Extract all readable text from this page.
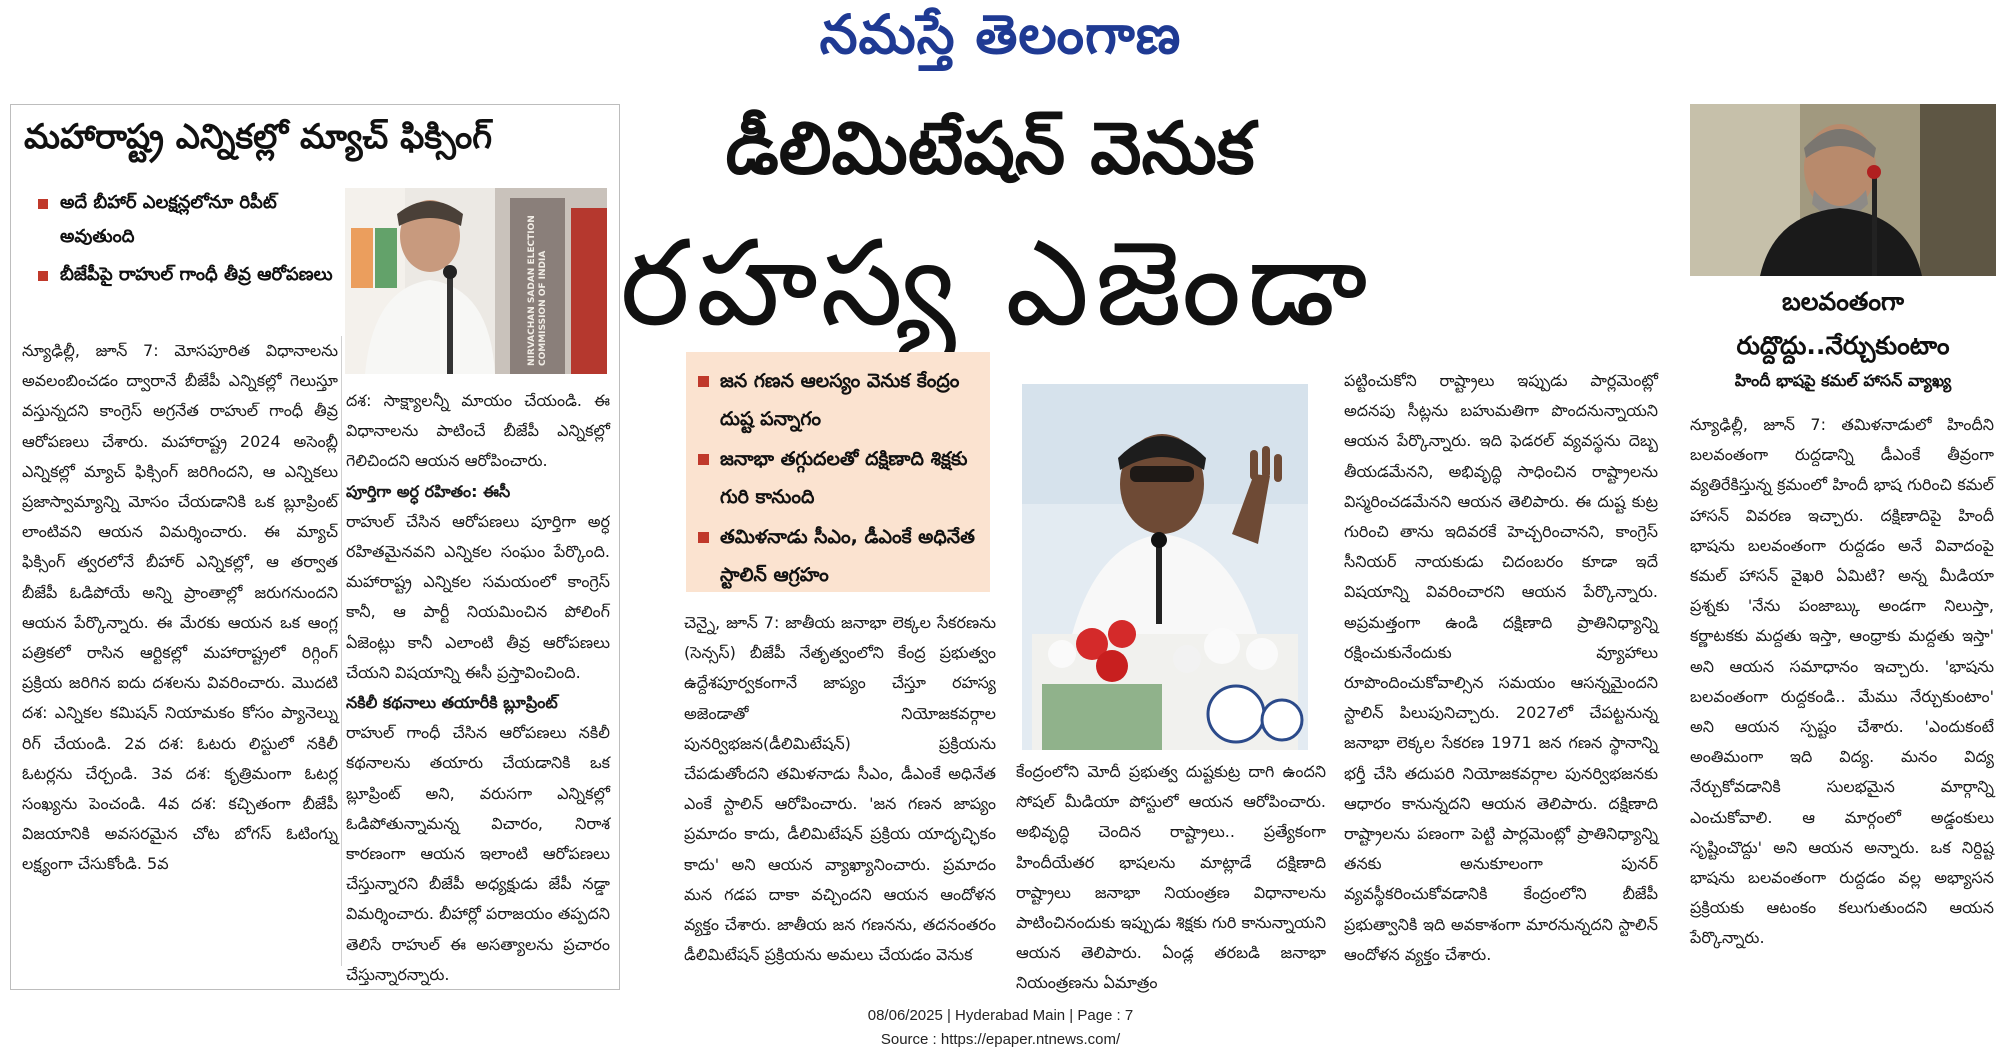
నమస్తే తెలంగాణ
మహారాష్ట్ర ఎన్నికల్లో మ్యాచ్ ఫిక్సింగ్
అదే బీహార్ ఎలక్షన్లలోనూ రిపీట్ అవుతుంది
బీజేపీపై రాహుల్ గాంధీ తీవ్ర ఆరోపణలు	NIRVACHAN SADAN ELECTION COMMISSION OF INDIA

న్యూఢిల్లీ, జూన్ 7: మోసపూరిత విధానాలను అవలంబించడం ద్వారానే బీజేపీ ఎన్నికల్లో గెలుస్తూ వస్తున్నదని కాంగ్రెస్ అగ్రనేత రాహుల్ గాంధీ తీవ్ర ఆరోపణలు చేశారు. మహారాష్ట్ర 2024 అసెంబ్లీ ఎన్నికల్లో మ్యాచ్ ఫిక్సింగ్ జరిగిందని, ఆ ఎన్నికలు ప్రజాస్వామ్యాన్ని మోసం చేయడానికి ఒక బ్లూప్రింట్ లాంటివని ఆయన విమర్శించారు. ఈ మ్యాచ్ ఫిక్సింగ్ త్వరలోనే బీహార్ ఎన్నికల్లో, ఆ తర్వాత బీజేపీ ఓడిపోయే అన్ని ప్రాంతాల్లో జరుగనుందని ఆయన పేర్కొన్నారు. ఈ మేరకు ఆయన ఒక ఆంగ్ల పత్రికలో రాసిన ఆర్టికల్లో మహారాష్ట్రలో రిగ్గింగ్ ప్రక్రియ జరిగిన ఐదు దశలను వివరించారు. మొదటి దశ: ఎన్నికల కమిషన్ నియామకం కోసం ప్యానెల్ను రిగ్ చేయండి. 2వ దశ: ఓటరు లిస్టులో నకిలీ ఓటర్లను చేర్చండి. 3వ దశ: కృత్రిమంగా ఓటర్ల సంఖ్యను పెంచండి. 4వ దశ: కచ్చితంగా బీజేపీ విజయానికి అవసరమైన చోట బోగస్ ఓటింగ్ను లక్ష్యంగా చేసుకోండి. 5వ

దశ: సాక్ష్యాలన్నీ మాయం చేయండి. ఈ విధానాలను పాటించే బీజేపీ ఎన్నికల్లో గెలిచిందని ఆయన ఆరోపించారు.

పూర్తిగా అర్ధ రహితం: ఈసీ

రాహుల్ చేసిన ఆరోపణలు పూర్తిగా అర్ధ రహితమైనవని ఎన్నికల సంఘం పేర్కొంది. మహారాష్ట్ర ఎన్నికల సమయంలో కాంగ్రెస్ కానీ, ఆ పార్టీ నియమించిన పోలింగ్ ఏజెంట్లు కానీ ఎలాంటి తీవ్ర ఆరోపణలు చేయని విషయాన్ని ఈసీ ప్రస్తావించింది.

నకిలీ కథనాలు తయారీకి బ్లూప్రింట్

రాహుల్ గాంధీ చేసిన ఆరోపణలు నకిలీ కథనాలను తయారు చేయడానికి ఒక బ్లూప్రింట్ అని, వరుసగా ఎన్నికల్లో ఓడిపోతున్నామన్న విచారం, నిరాశ కారణంగా ఆయన ఇలాంటి ఆరోపణలు చేస్తున్నారని బీజేపీ అధ్యక్షుడు జేపీ నడ్డా విమర్శించారు. బీహార్లో పరాజయం తప్పదని తెలిసే రాహుల్ ఈ అసత్యాలను ప్రచారం చేస్తున్నారన్నారు.

డీలిమిటేషన్ వెనుక
రహస్య ఎజెండా
జన గణన ఆలస్యం వెనుక కేంద్రం దుష్ట పన్నాగం
జనాభా తగ్గుదలతో దక్షిణాది శిక్షకు గురి కానుంది
తమిళనాడు సీఎం, డీఎంకే అధినేత స్టాలిన్ ఆగ్రహం

చెన్నై, జూన్ 7: జాతీయ జనాభా లెక్కల సేకరణను (సెన్సస్) బీజేపీ నేతృత్వంలోని కేంద్ర ప్రభుత్వం ఉద్దేశపూర్వకంగానే జాప్యం చేస్తూ రహస్య అజెండాతో నియోజకవర్గాల పునర్విభజన(డీలిమిటేషన్) ప్రక్రియను చేపడుతోందని తమిళనాడు సీఎం, డీఎంకే అధినేత ఎంకే స్టాలిన్ ఆరోపించారు. 'జన గణన జాప్యం ప్రమాదం కాదు, డీలిమిటేషన్ ప్రక్రియ యాదృచ్ఛికం కాదు' అని ఆయన వ్యాఖ్యానించారు. ప్రమాదం మన గడప దాకా వచ్చిందని ఆయన ఆందోళన వ్యక్తం చేశారు. జాతీయ జన గణనను, తదనంతరం డీలిమిటేషన్ ప్రక్రియను అమలు చేయడం వెనుక

కేంద్రంలోని మోదీ ప్రభుత్వ దుష్టకుట్ర దాగి ఉందని సోషల్ మీడియా పోస్టులో ఆయన ఆరోపించారు. అభివృద్ధి చెందిన రాష్ట్రాలు.. ప్రత్యేకంగా హిందీయేతర భాషలను మాట్లాడే దక్షిణాది రాష్ట్రాలు జనాభా నియంత్రణ విధానాలను పాటించినందుకు ఇప్పుడు శిక్షకు గురి కానున్నాయని ఆయన తెలిపారు. ఏండ్ల తరబడి జనాభా నియంత్రణను ఏమాత్రం

పట్టించుకోని రాష్ట్రాలు ఇప్పుడు పార్లమెంట్లో అదనపు సీట్లను బహుమతిగా పొందనున్నాయని ఆయన పేర్కొన్నారు. ఇది ఫెడరల్ వ్యవస్థను దెబ్బ తీయడమేనని, అభివృద్ధి సాధించిన రాష్ట్రాలను విస్మరించడమేనని ఆయన తెలిపారు. ఈ దుష్ట కుట్ర గురించి తాను ఇదివరకే హెచ్చరించానని, కాంగ్రెస్ సీనియర్ నాయకుడు చిదంబరం కూడా ఇదే విషయాన్ని వివరించారని ఆయన పేర్కొన్నారు. అప్రమత్తంగా ఉండి దక్షిణాది ప్రాతినిధ్యాన్ని రక్షించుకునేందుకు వ్యూహాలు రూపొందించుకోవాల్సిన సమయం ఆసన్నమైందని స్టాలిన్ పిలుపునిచ్చారు. 2027లో చేపట్టనున్న జనాభా లెక్కల సేకరణ 1971 జన గణన స్థానాన్ని భర్తీ చేసి తదుపరి నియోజకవర్గాల పునర్విభజనకు ఆధారం కానున్నదని ఆయన తెలిపారు. దక్షిణాది రాష్ట్రాలను పణంగా పెట్టి పార్లమెంట్లో ప్రాతినిధ్యాన్ని తనకు అనుకూలంగా పునర్ వ్యవస్థీకరించుకోవడానికి కేంద్రంలోని బీజేపీ ప్రభుత్వానికి ఇది అవకాశంగా మారనున్నదని స్టాలిన్ ఆందోళన వ్యక్తం చేశారు.

బలవంతంగా రుద్దొద్దు..నేర్చుకుంటాం
హిందీ భాషపై కమల్ హాసన్ వ్యాఖ్య

న్యూఢిల్లీ, జూన్ 7: తమిళనాడులో హిందీని బలవంతంగా రుద్దడాన్ని డీఎంకే తీవ్రంగా వ్యతిరేకిస్తున్న క్రమంలో హిందీ భాష గురించి కమల్ హాసన్ వివరణ ఇచ్చారు. దక్షిణాదిపై హిందీ భాషను బలవంతంగా రుద్దడం అనే వివాదంపై కమల్ హాసన్ వైఖరి ఏమిటి? అన్న మీడియా ప్రశ్నకు 'నేను పంజాబ్కు అండగా నిలుస్తా, కర్ణాటకకు మద్దతు ఇస్తా, ఆంధ్రాకు మద్దతు ఇస్తా' అని ఆయన సమాధానం ఇచ్చారు. 'భాషను బలవంతంగా రుద్దకండి.. మేము నేర్చుకుంటాం' అని ఆయన స్పష్టం చేశారు. 'ఎందుకంటే అంతిమంగా ఇది విద్య. మనం విద్య నేర్చుకోవడానికి సులభమైన మార్గాన్ని ఎంచుకోవాలి. ఆ మార్గంలో అడ్డంకులు సృష్టించొద్దు' అని ఆయన అన్నారు. ఒక నిర్దిష్ట భాషను బలవంతంగా రుద్దడం వల్ల అభ్యాసన ప్రక్రియకు ఆటంకం కలుగుతుందని ఆయన పేర్కొన్నారు.

08/06/2025 | Hyderabad Main | Page : 7
Source : https://epaper.ntnews.com/
